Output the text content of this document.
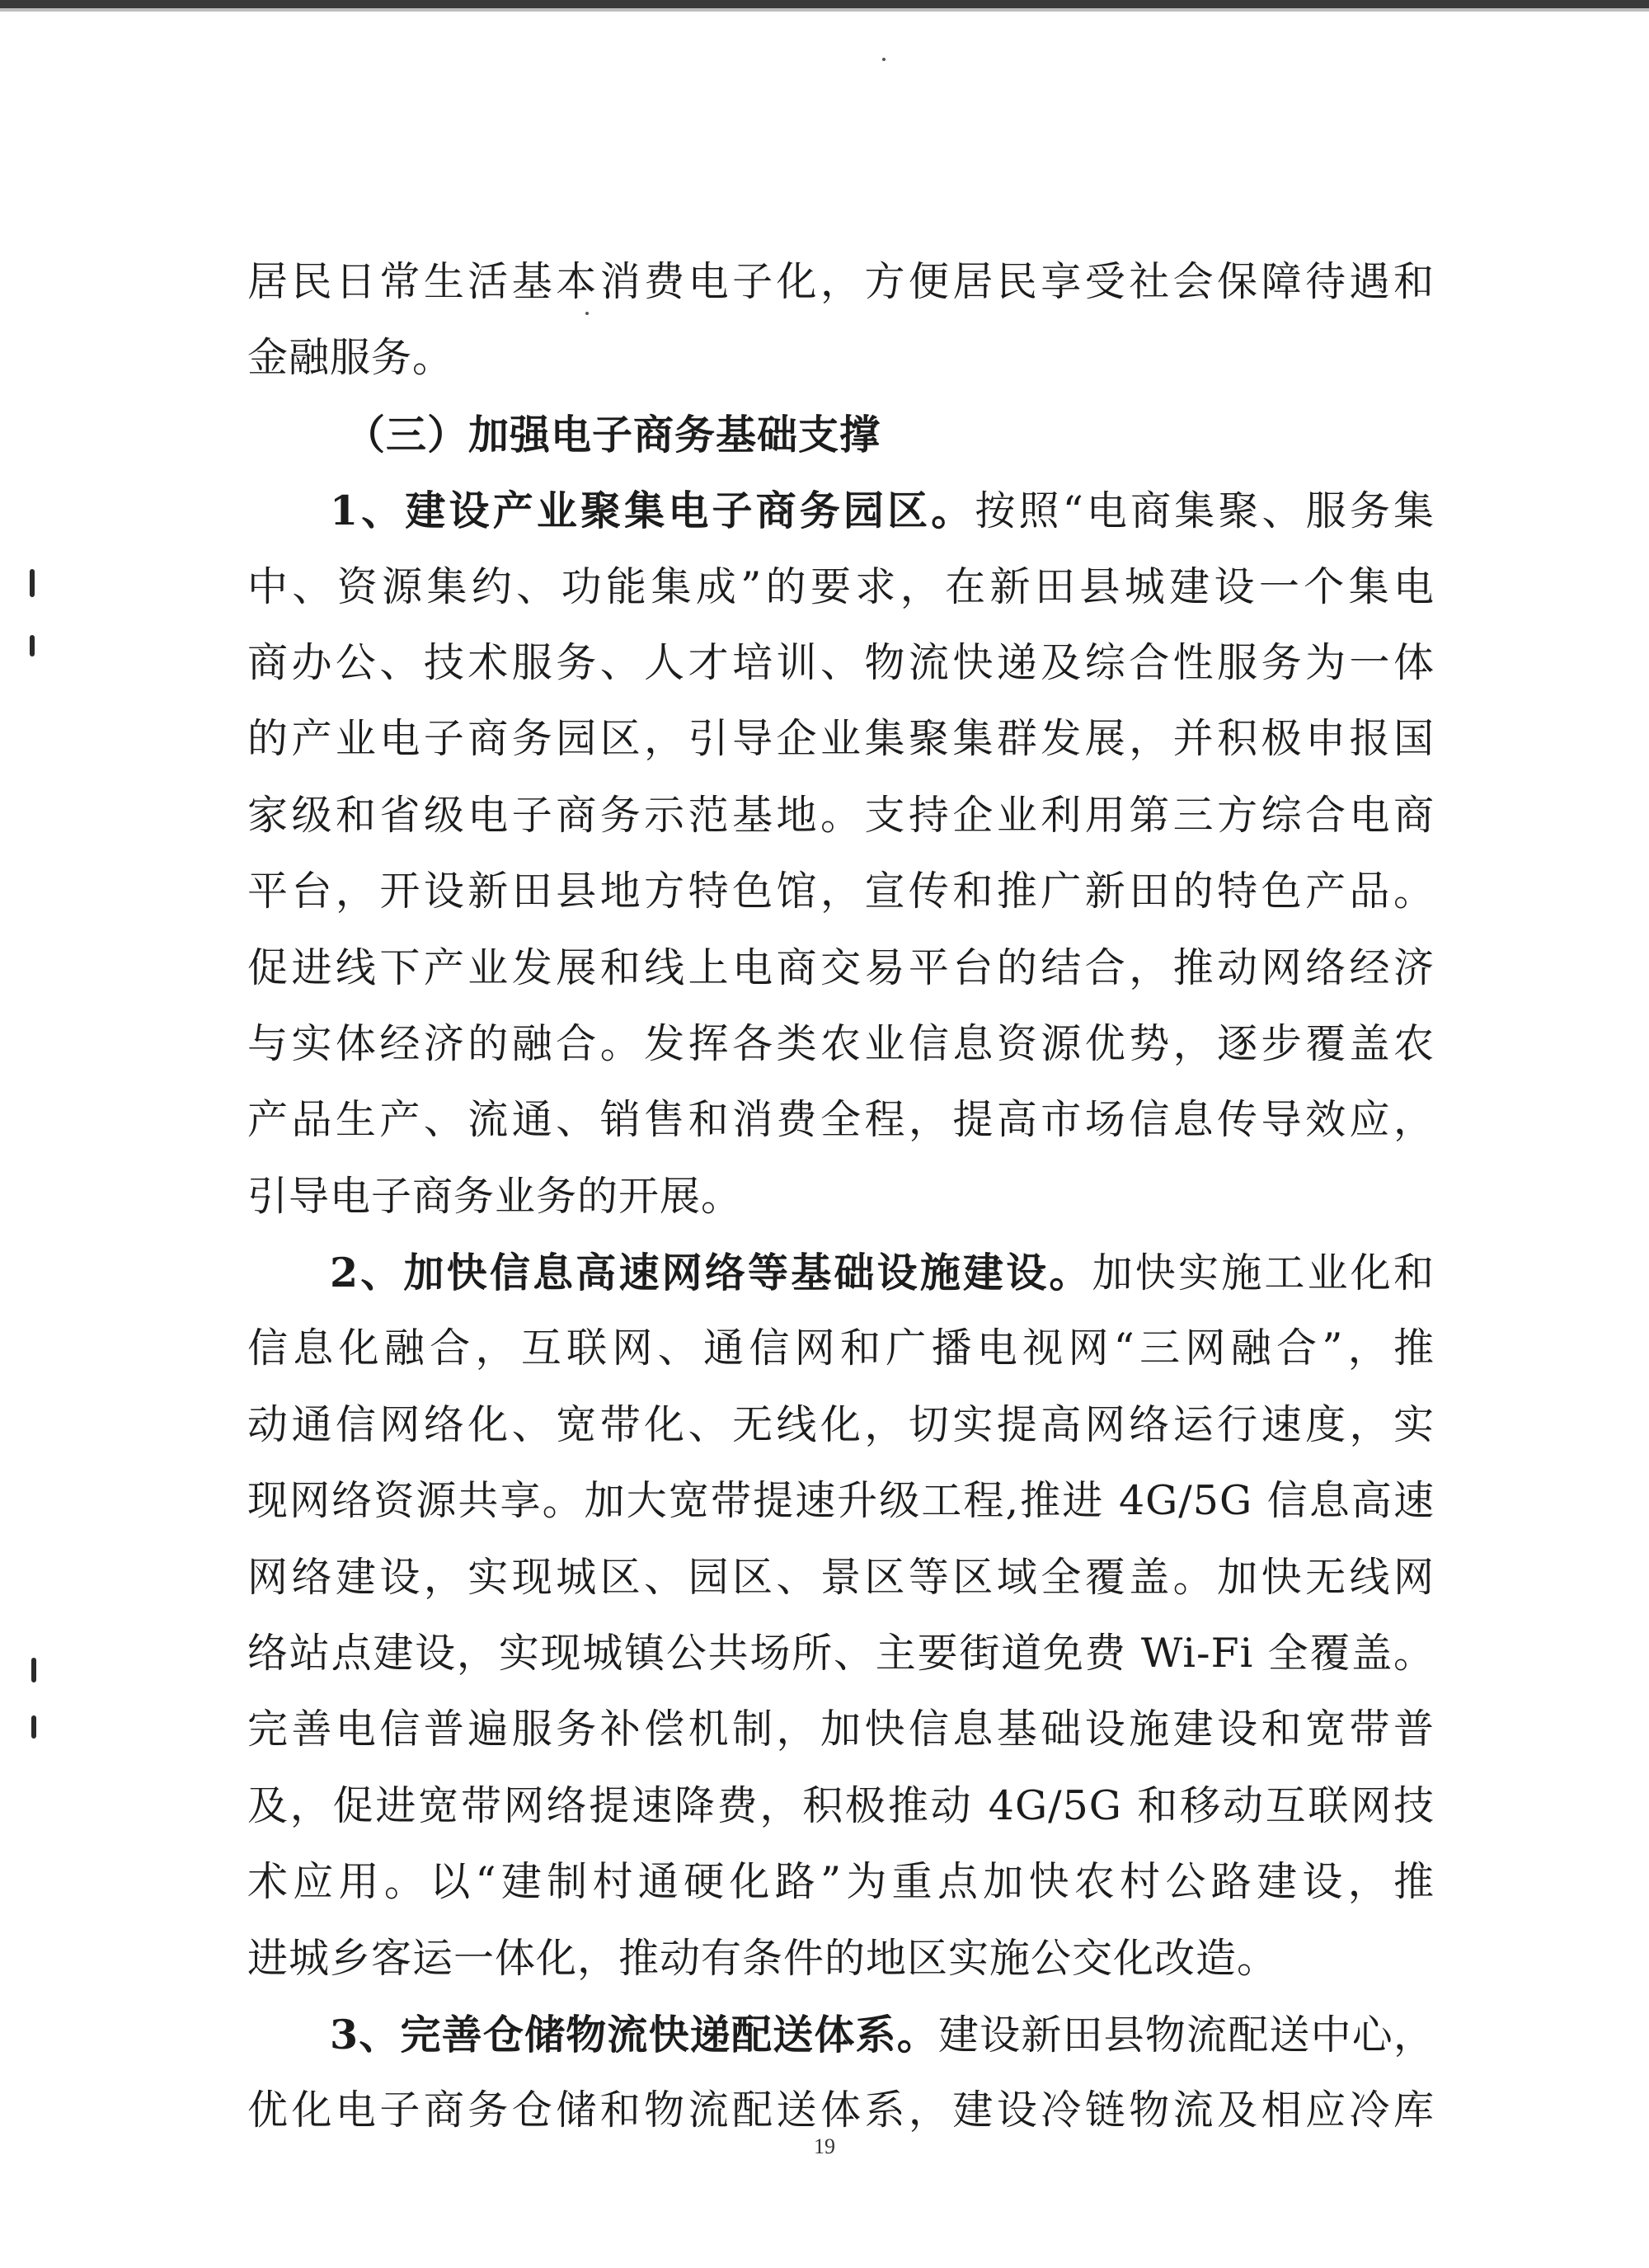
居民日常生活基本消费电子化，方便居民享受社会保障待遇和
金融服务。
（三）加强电子商务基础支撑
1、建设产业聚集电子商务园区。按照“电商集聚、服务集
中、资源集约、功能集成”的要求，在新田县城建设一个集电
商办公、技术服务、人才培训、物流快递及综合性服务为一体
的产业电子商务园区，引导企业集聚集群发展，并积极申报国
家级和省级电子商务示范基地。支持企业利用第三方综合电商
平台，开设新田县地方特色馆，宣传和推广新田的特色产品。
促进线下产业发展和线上电商交易平台的结合，推动网络经济
与实体经济的融合。发挥各类农业信息资源优势，逐步覆盖农
产品生产、流通、销售和消费全程，提高市场信息传导效应，
引导电子商务业务的开展。
2、加快信息高速网络等基础设施建设。加快实施工业化和
信息化融合，互联网、通信网和广播电视网“三网融合”，推
动通信网络化、宽带化、无线化，切实提高网络运行速度，实
现网络资源共享。加大宽带提速升级工程,推进 4G/5G 信息高速
网络建设，实现城区、园区、景区等区域全覆盖。加快无线网
络站点建设，实现城镇公共场所、主要街道免费 Wi-Fi 全覆盖。
完善电信普遍服务补偿机制，加快信息基础设施建设和宽带普
及，促进宽带网络提速降费，积极推动 4G/5G 和移动互联网技
术应用。以“建制村通硬化路”为重点加快农村公路建设，推
进城乡客运一体化，推动有条件的地区实施公交化改造。
3、完善仓储物流快递配送体系。建设新田县物流配送中心，
优化电子商务仓储和物流配送体系，建设冷链物流及相应冷库
19
